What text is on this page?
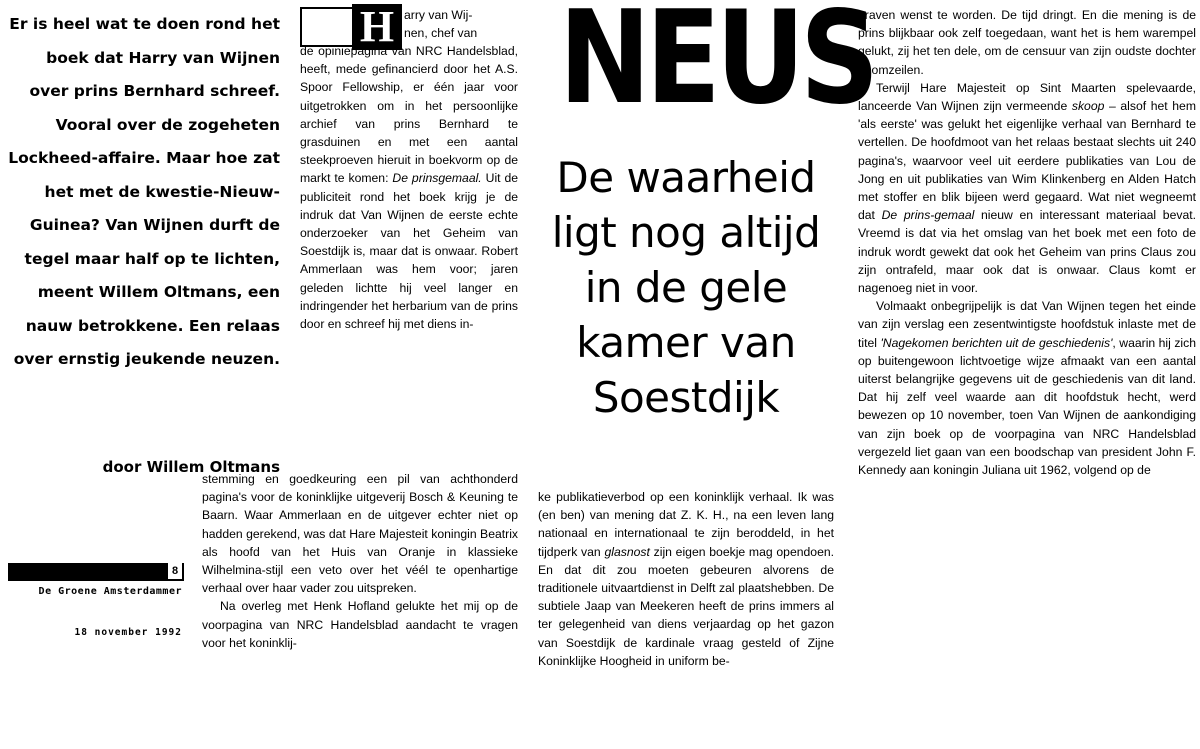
Er is heel wat te doen rond het boek dat Harry van Wijnen over prins Bernhard schreef. Vooral over de zogeheten Lockheed-affaire. Maar hoe zat het met de kwestie-Nieuw-Guinea? Van Wijnen durft de tegel maar half op te lichten, meent Willem Oltmans, een nauw betrokkene. Een relaas over ernstig jeukende neuzen.
door Willem Oltmans
8
De Groene Amsterdammer
18 november 1992
H arry van Wij-
nen, chef van

de opiniepagina van NRC Handelsblad, heeft, mede gefinancierd door het A.S. Spoor Fellowship, er één jaar voor uitgetrokken om in het persoonlijke archief van prins Bernhard te grasduinen en met een aantal steekproeven hieruit in boekvorm op de markt te komen: De prinsgemaal. Uit de publiciteit rond het boek krijg je de indruk dat Van Wijnen de eerste echte onderzoeker van het Geheim van Soestdijk is, maar dat is onwaar. Robert Ammerlaan was hem voor; jaren geleden lichtte hij veel langer en indringender het herbarium van de prins door en schreef hij met diens in-

stemming en goedkeuring een pil van achthonderd pagina's voor de koninklijke uitgeverij Bosch & Keuning te Baarn. Waar Ammerlaan en de uitgever echter niet op hadden gerekend, was dat Hare Majesteit koningin Beatrix als hoofd van het Huis van Oranje in klassieke Wilhelmina-stijl een veto over het véél te openhartige verhaal over haar vader zou uitspreken.

Na overleg met Henk Hofland gelukte het mij op de voorpagina van NRC Handelsblad aandacht te vragen voor het koninklij-

NEUS
De waarheid ligt nog altijd in de gele kamer van Soestdijk

ke publikatieverbod op een koninklijk verhaal. Ik was (en ben) van mening dat Z. K. H., na een leven lang nationaal en internationaal te zijn beroddeld, in het tijdperk van glasnost zijn eigen boekje mag opendoen. En dat dit zou moeten gebeuren alvorens de traditionele uitvaartdienst in Delft zal plaatshebben. De subtiele Jaap van Meekeren heeft de prins immers al ter gelegenheid van diens verjaardag op het gazon van Soestdijk de kardinale vraag gesteld of Zijne Koninklijke Hoogheid in uniform be-

graven wenst te worden. De tijd dringt. En die mening is de prins blijkbaar ook zelf toegedaan, want het is hem warempel gelukt, zij het ten dele, om de censuur van zijn oudste dochter te omzeilen.

Terwijl Hare Majesteit op Sint Maarten spelevaarde, lanceerde Van Wijnen zijn vermeende skoop – alsof het hem 'als eerste' was gelukt het eigenlijke verhaal van Bernhard te vertellen. De hoofdmoot van het relaas bestaat slechts uit 240 pagina's, waarvoor veel uit eerdere publikaties van Lou de Jong en uit publikaties van Wim Klinkenberg en Alden Hatch met stoffer en blik bijeen werd gegaard. Wat niet wegneemt dat De prins-gemaal nieuw en interessant materiaal bevat. Vreemd is dat via het omslag van het boek met een foto de indruk wordt gewekt dat ook het Geheim van prins Claus zou zijn ontrafeld, maar ook dat is onwaar. Claus komt er nagenoeg niet in voor.

Volmaakt onbegrijpelijk is dat Van Wijnen tegen het einde van zijn verslag een zesentwintigste hoofdstuk inlaste met de titel 'Nagekomen berichten uit de geschiedenis', waarin hij zich op buitengewoon lichtvoetige wijze afmaakt van een aantal uiterst belangrijke gegevens uit de geschiedenis van dit land. Dat hij zelf veel waarde aan dit hoofdstuk hecht, werd bewezen op 10 november, toen Van Wijnen de aankondiging van zijn boek op de voorpagina van NRC Handelsblad vergezeld liet gaan van een boodschap van president John F. Kennedy aan koningin Juliana uit 1962, volgend op de
